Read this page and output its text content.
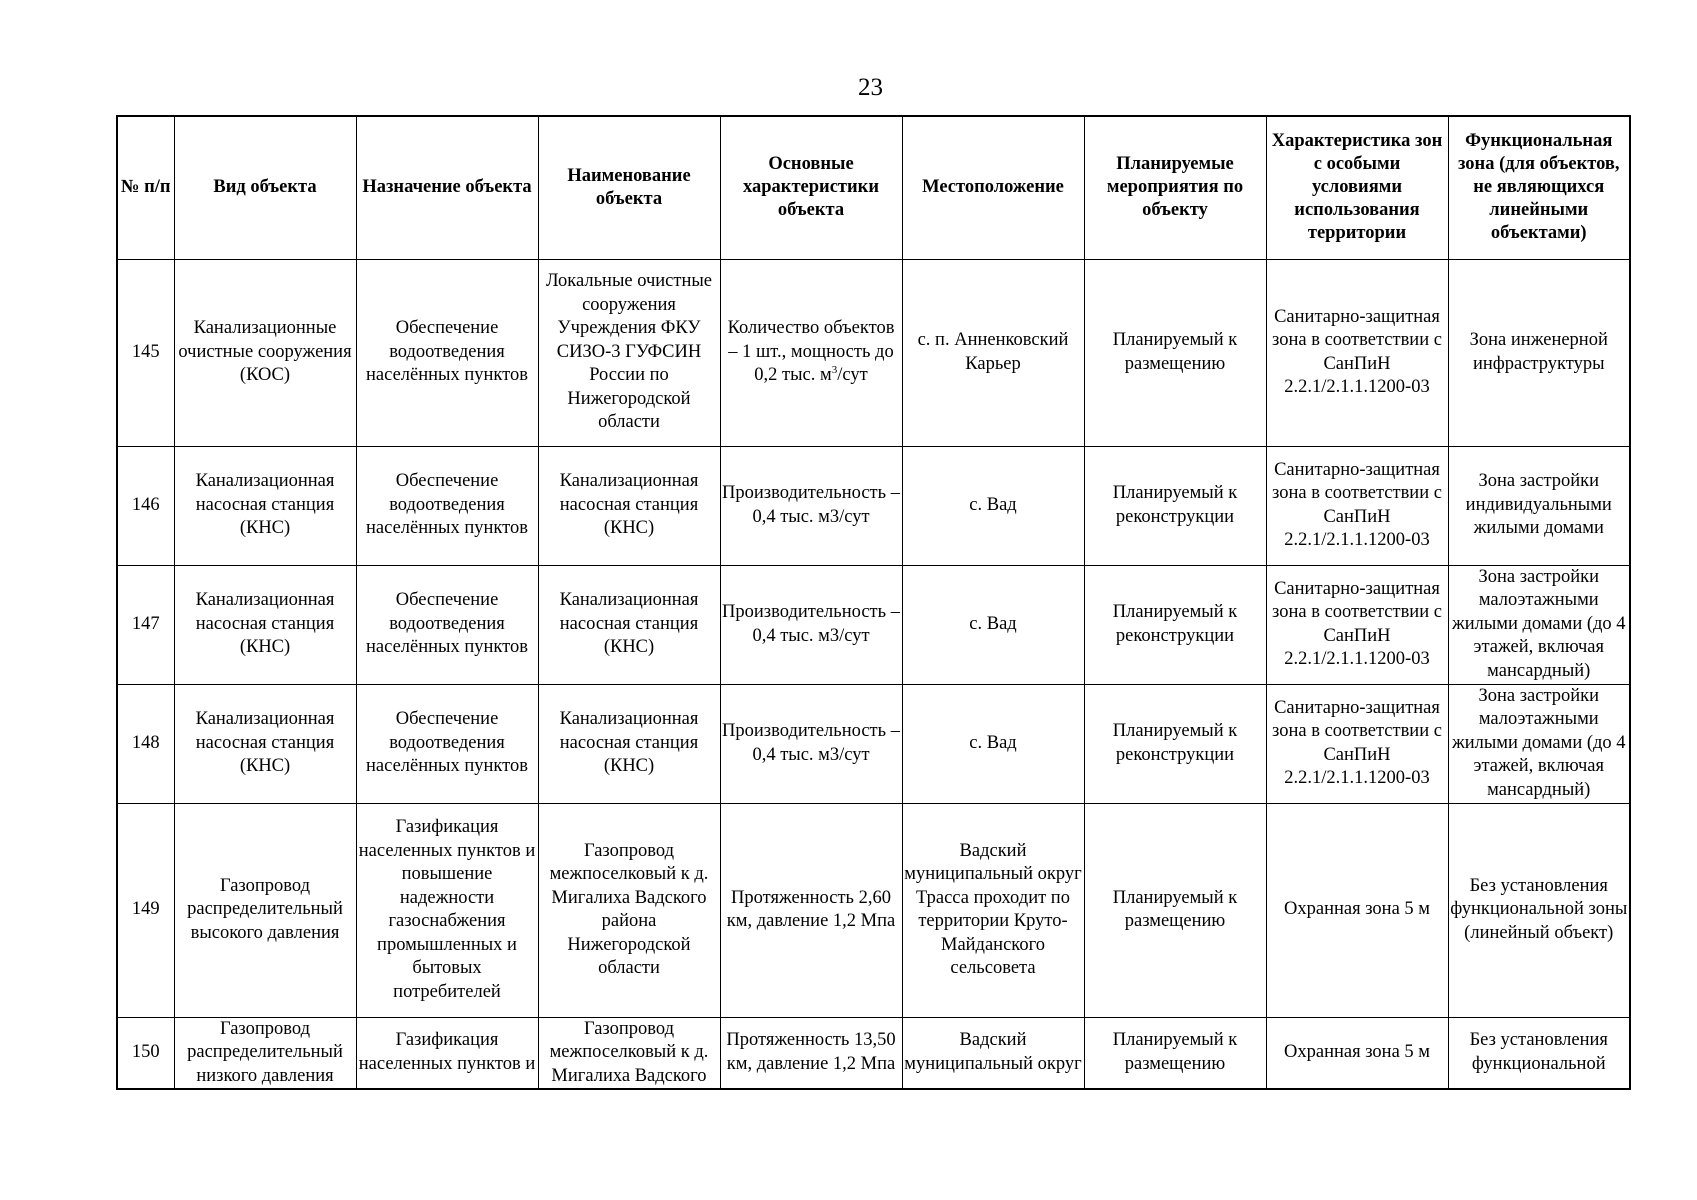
23
№ п/п	Вид объекта	Назначение объекта	Наименование объекта	Основные характеристики объекта	Местоположение	Планируемые мероприятия по объекту	Характеристика зон с особыми условиями использования территории	Функциональная зона (для объектов, не являющихся линейными объектами)
145	Канализационные очистные сооружения (КОС)	Обеспечение водоотведения населённых пунктов	Локальные очистные сооружения Учреждения ФКУ СИЗО-3 ГУФСИН России по Нижегородской области	Количество объектов – 1 шт., мощность до 0,2 тыс. $м^3$/сут	с. п. Анненковский Карьер	Планируемый к размещению	Санитарно-защитная зона в соответствии с СанПиН 2.2.1/2.1.1.1200-03	Зона инженерной инфраструктуры
146	Канализационная насосная станция (КНС)	Обеспечение водоотведения населённых пунктов	Канализационная насосная станция (КНС)	Производительность – 0,4 тыс. м3/сут	с. Вад	Планируемый к реконструкции	Санитарно-защитная зона в соответствии с СанПиН 2.2.1/2.1.1.1200-03	Зона застройки индивидуальными жилыми домами
147	Канализационная насосная станция (КНС)	Обеспечение водоотведения населённых пунктов	Канализационная насосная станция (КНС)	Производительность – 0,4 тыс. м3/сут	с. Вад	Планируемый к реконструкции	Санитарно-защитная зона в соответствии с СанПиН 2.2.1/2.1.1.1200-03	Зона застройки малоэтажными жилыми домами (до 4 этажей, включая мансардный)
148	Канализационная насосная станция (КНС)	Обеспечение водоотведения населённых пунктов	Канализационная насосная станция (КНС)	Производительность – 0,4 тыс. м3/сут	с. Вад	Планируемый к реконструкции	Санитарно-защитная зона в соответствии с СанПиН 2.2.1/2.1.1.1200-03	Зона застройки малоэтажными жилыми домами (до 4 этажей, включая мансардный)
149	Газопровод распределительный высокого давления	Газификация населенных пунктов и повышение надежности газоснабжения промышленных и бытовых потребителей	Газопровод межпоселковый к д. Мигалиха Вадского района Нижегородской области	Протяженность 2,60 км, давление 1,2 Мпа	Вадский муниципальный округ Трасса проходит по территории Круто-Майданского сельсовета	Планируемый к размещению	Охранная зона 5 м	Без установления функциональной зоны (линейный объект)
150	Газопровод распределительный низкого давления	Газификация населенных пунктов и	Газопровод межпоселковый к д. Мигалиха Вадского	Протяженность 13,50 км, давление 1,2 Мпа	Вадский муниципальный округ	Планируемый к размещению	Охранная зона 5 м	Без установления функциональной
